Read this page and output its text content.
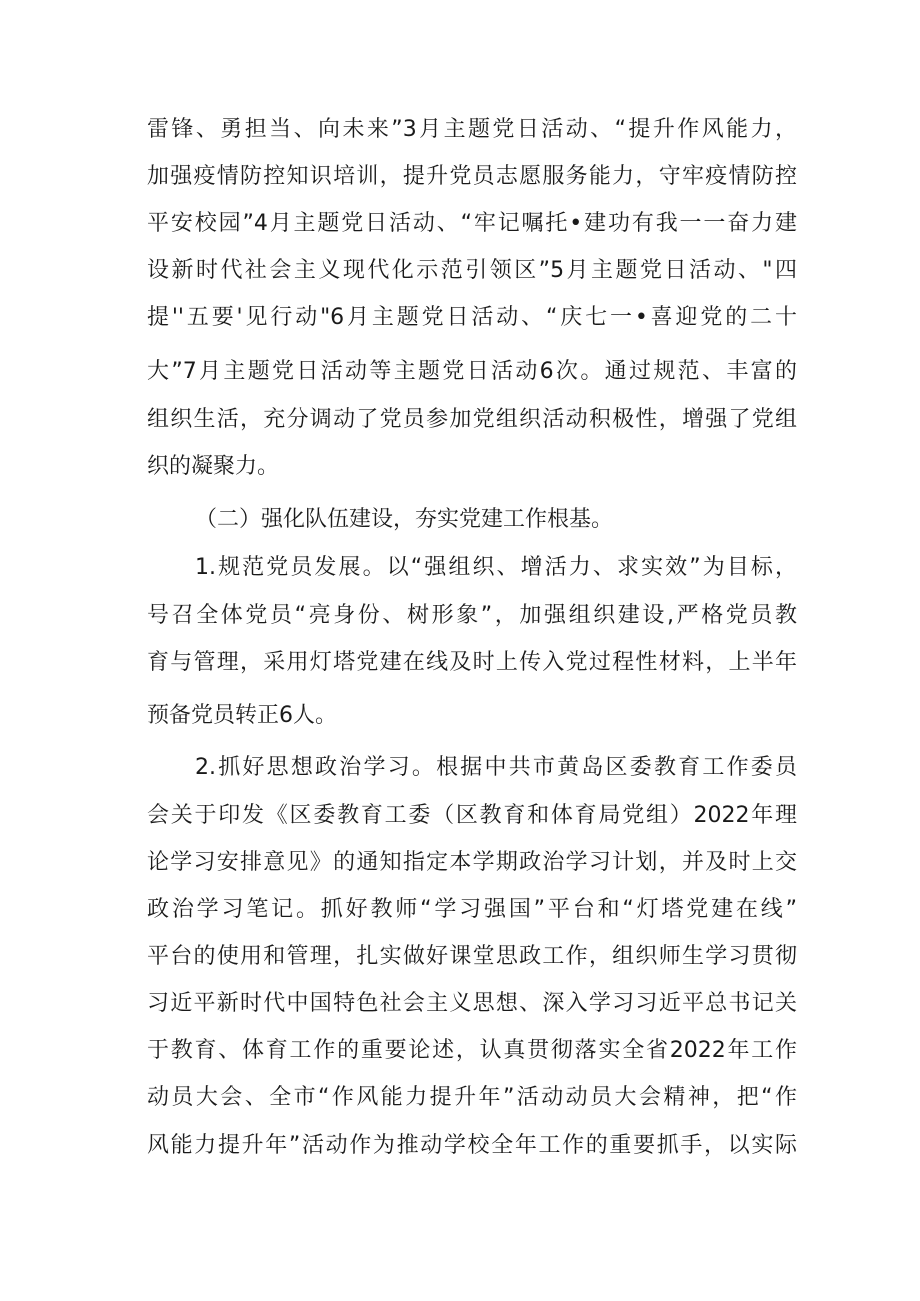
雷锋、勇担当、向未来”3月主题党日活动、“提升作风能力，
加强疫情防控知识培训，提升党员志愿服务能力，守牢疫情防控
平安校园”4月主题党日活动、“牢记嘱托•建功有我一一奋力建
设新时代社会主义现代化示范引领区”5月主题党日活动、"四
提''五要'见行动"6月主题党日活动、“庆七一•喜迎党的二十
大”7月主题党日活动等主题党日活动6次。通过规范、丰富的
组织生活，充分调动了党员参加党组织活动积极性，增强了党组
织的凝聚力。
（二）强化队伍建设，夯实党建工作根基。
1.规范党员发展。以“强组织、增活力、求实效”为目标，
号召全体党员“亮身份、树形象”，加强组织建设,严格党员教
育与管理，采用灯塔党建在线及时上传入党过程性材料，上半年
预备党员转正6人。
2.抓好思想政治学习。根据中共市黄岛区委教育工作委员
会关于印发《区委教育工委（区教育和体育局党组）2022年理
论学习安排意见》的通知指定本学期政治学习计划，并及时上交
政治学习笔记。抓好教师“学习强国”平台和“灯塔党建在线”
平台的使用和管理，扎实做好课堂思政工作，组织师生学习贯彻
习近平新时代中国特色社会主义思想、深入学习习近平总书记关
于教育、体育工作的重要论述，认真贯彻落实全省2022年工作
动员大会、全市“作风能力提升年”活动动员大会精神，把“作
风能力提升年”活动作为推动学校全年工作的重要抓手，以实际
